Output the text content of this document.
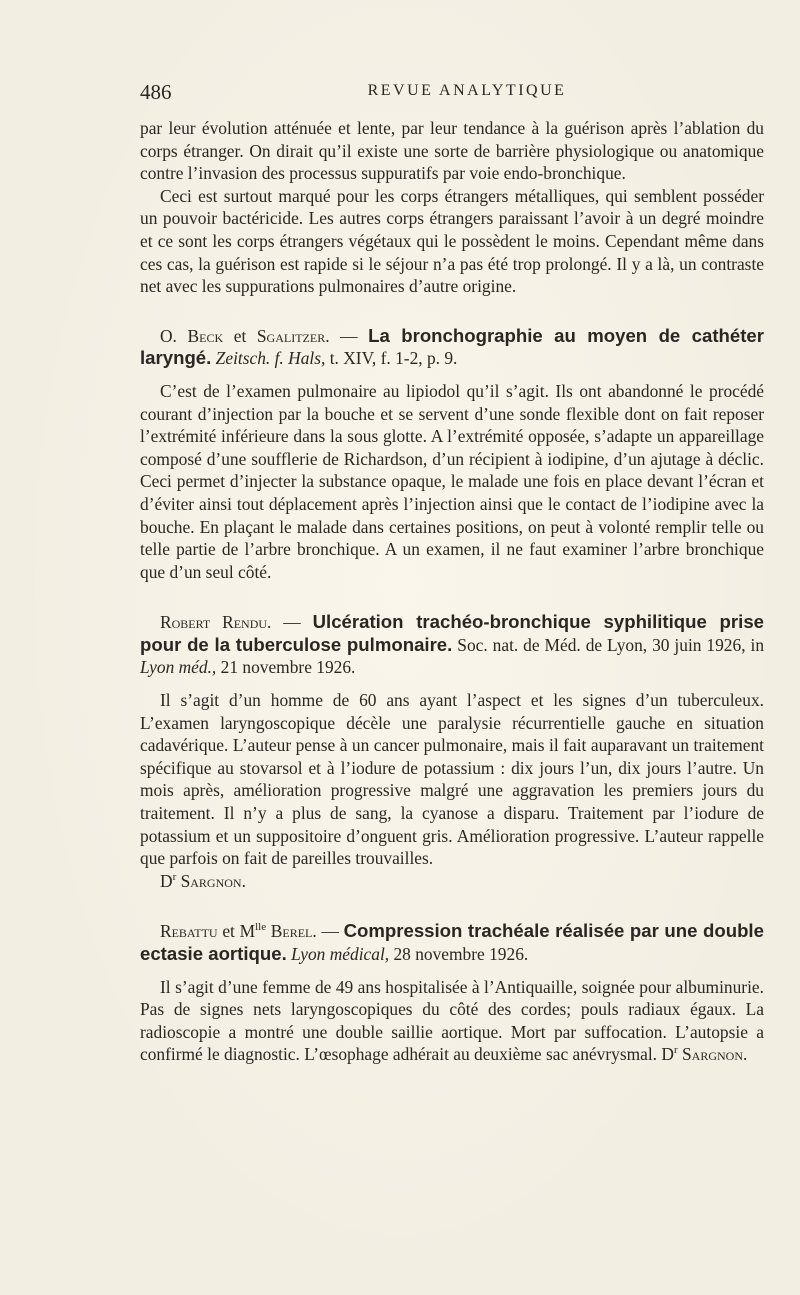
486	REVUE ANALYTIQUE

par leur évolution atténuée et lente, par leur tendance à la guérison après l’ablation du corps étranger. On dirait qu’il existe une sorte de barrière physiologique ou anatomique contre l’invasion des processus suppuratifs par voie endo-bronchique.

Ceci est surtout marqué pour les corps étrangers métalliques, qui semblent posséder un pouvoir bactéricide. Les autres corps étrangers paraissant l’avoir à un degré moindre et ce sont les corps étrangers végétaux qui le possèdent le moins. Cependant même dans ces cas, la guérison est rapide si le séjour n’a pas été trop prolongé. Il y a là, un contraste net avec les suppurations pulmonaires d’autre origine.

O. Beck et Sgalitzer. — La bronchographie au moyen de cathéter laryngé. Zeitsch. f. Hals, t. XIV, f. 1-2, p. 9.

C’est de l’examen pulmonaire au lipiodol qu’il s’agit. Ils ont abandonné le procédé courant d’injection par la bouche et se servent d’une sonde flexible dont on fait reposer l’extrémité inférieure dans la sous glotte. A l’extrémité opposée, s’adapte un appareillage composé d’une soufflerie de Richardson, d’un récipient à iodipine, d’un ajutage à déclic. Ceci permet d’injecter la substance opaque, le malade une fois en place devant l’écran et d’éviter ainsi tout déplacement après l’injection ainsi que le contact de l’iodipine avec la bouche. En plaçant le malade dans certaines positions, on peut à volonté remplir telle ou telle partie de l’arbre bronchique. A un examen, il ne faut examiner l’arbre bronchique que d’un seul côté.

Robert Rendu. — Ulcération trachéo-bronchique syphilitique prise pour de la tuberculose pulmonaire. Soc. nat. de Méd. de Lyon, 30 juin 1926, in Lyon méd., 21 novembre 1926.

Il s’agit d’un homme de 60 ans ayant l’aspect et les signes d’un tuberculeux. L’examen laryngoscopique décèle une paralysie récurrentielle gauche en situation cadavérique. L’auteur pense à un cancer pulmonaire, mais il fait auparavant un traitement spécifique au stovarsol et à l’iodure de potassium : dix jours l’un, dix jours l’autre. Un mois après, amélioration progressive malgré une aggravation les premiers jours du traitement. Il n’y a plus de sang, la cyanose a disparu. Traitement par l’iodure de potassium et un suppositoire d’onguent gris. Amélioration progressive. L’auteur rappelle que parfois on fait de pareilles trouvailles.

$D^r$ Sargnon.

Rebattu et $M^{lle}$ Berel. — Compression trachéale réalisée par une double ectasie aortique. Lyon médical, 28 novembre 1926.

Il s’agit d’une femme de 49 ans hospitalisée à l’Antiquaille, soignée pour albuminurie. Pas de signes nets laryngoscopiques du côté des cordes; pouls radiaux égaux. La radioscopie a montré une double saillie aortique. Mort par suffocation. L’autopsie a confirmé le diagnostic. L’œsophage adhérait au deuxième sac anévrysmal. $D^r$ Sargnon.
